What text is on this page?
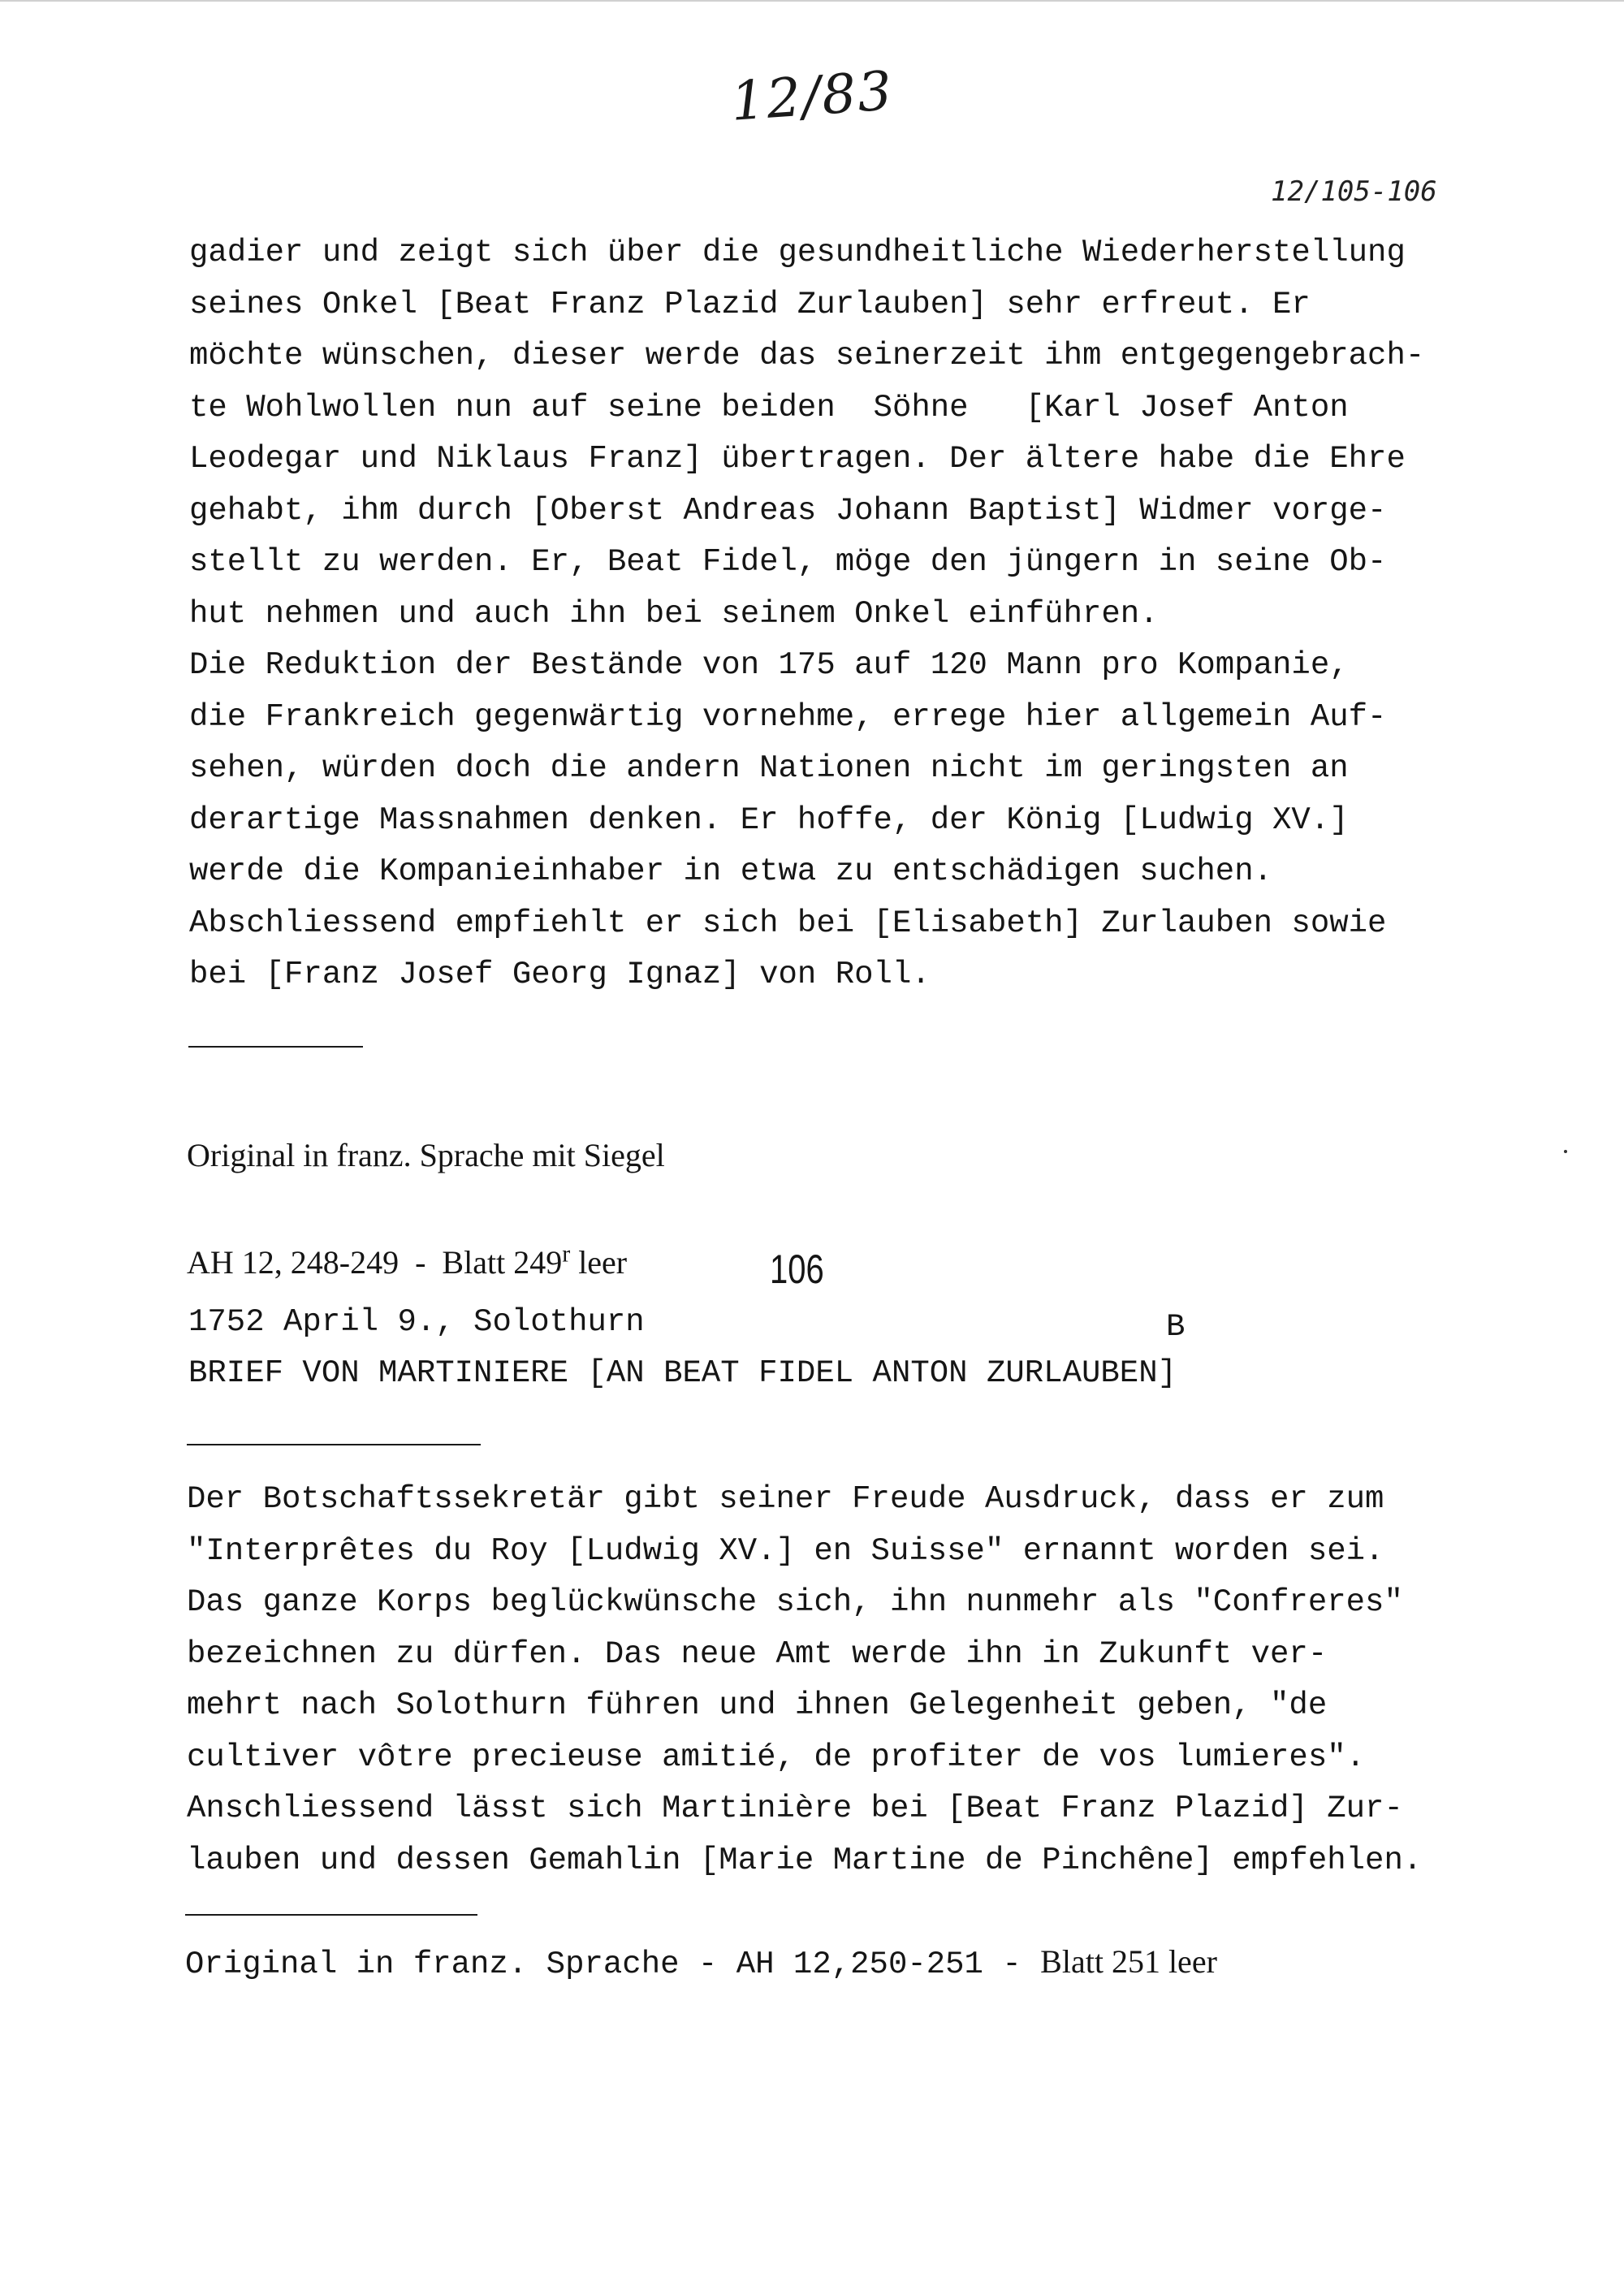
12/83
12/105-106
gadier und zeigt sich über die gesundheitliche Wiederherstellung
seines Onkel [Beat Franz Plazid Zurlauben] sehr erfreut. Er
möchte wünschen, dieser werde das seinerzeit ihm entgegengebrach-
te Wohlwollen nun auf seine beiden  Söhne   [Karl Josef Anton
Leodegar und Niklaus Franz] übertragen. Der ältere habe die Ehre
gehabt, ihm durch [Oberst Andreas Johann Baptist] Widmer vorge-
stellt zu werden. Er, Beat Fidel, möge den jüngern in seine Ob-
hut nehmen und auch ihn bei seinem Onkel einführen.
Die Reduktion der Bestände von 175 auf 120 Mann pro Kompanie,
die Frankreich gegenwärtig vornehme, errege hier allgemein Auf-
sehen, würden doch die andern Nationen nicht im geringsten an
derartige Massnahmen denken. Er hoffe, der König [Ludwig XV.]
werde die Kompanieinhaber in etwa zu entschädigen suchen.
Abschliessend empfiehlt er sich bei [Elisabeth] Zurlauben sowie
bei [Franz Josef Georg Ignaz] von Roll.

Original in franz. Sprache mit Siegel

AH 12, 248-249  -  Blatt 249$^r$ leer

	106
1752 April 9., Solothurn	B
BRIEF VON MARTINIERE [AN BEAT FIDEL ANTON ZURLAUBEN]
Der Botschaftssekretär gibt seiner Freude Ausdruck, dass er zum
"Interprêtes du Roy [Ludwig XV.] en Suisse" ernannt worden sei.
Das ganze Korps beglückwünsche sich, ihn nunmehr als "Confreres"
bezeichnen zu dürfen. Das neue Amt werde ihn in Zukunft ver-
mehrt nach Solothurn führen und ihnen Gelegenheit geben, "de
cultiver vôtre precieuse amitié, de profiter de vos lumieres".
Anschliessend lässt sich Martinière bei [Beat Franz Plazid] Zur-
lauben und dessen Gemahlin [Marie Martine de Pinchêne] empfehlen.
Original in franz. Sprache - AH 12,250-251 - Blatt 251 leer
